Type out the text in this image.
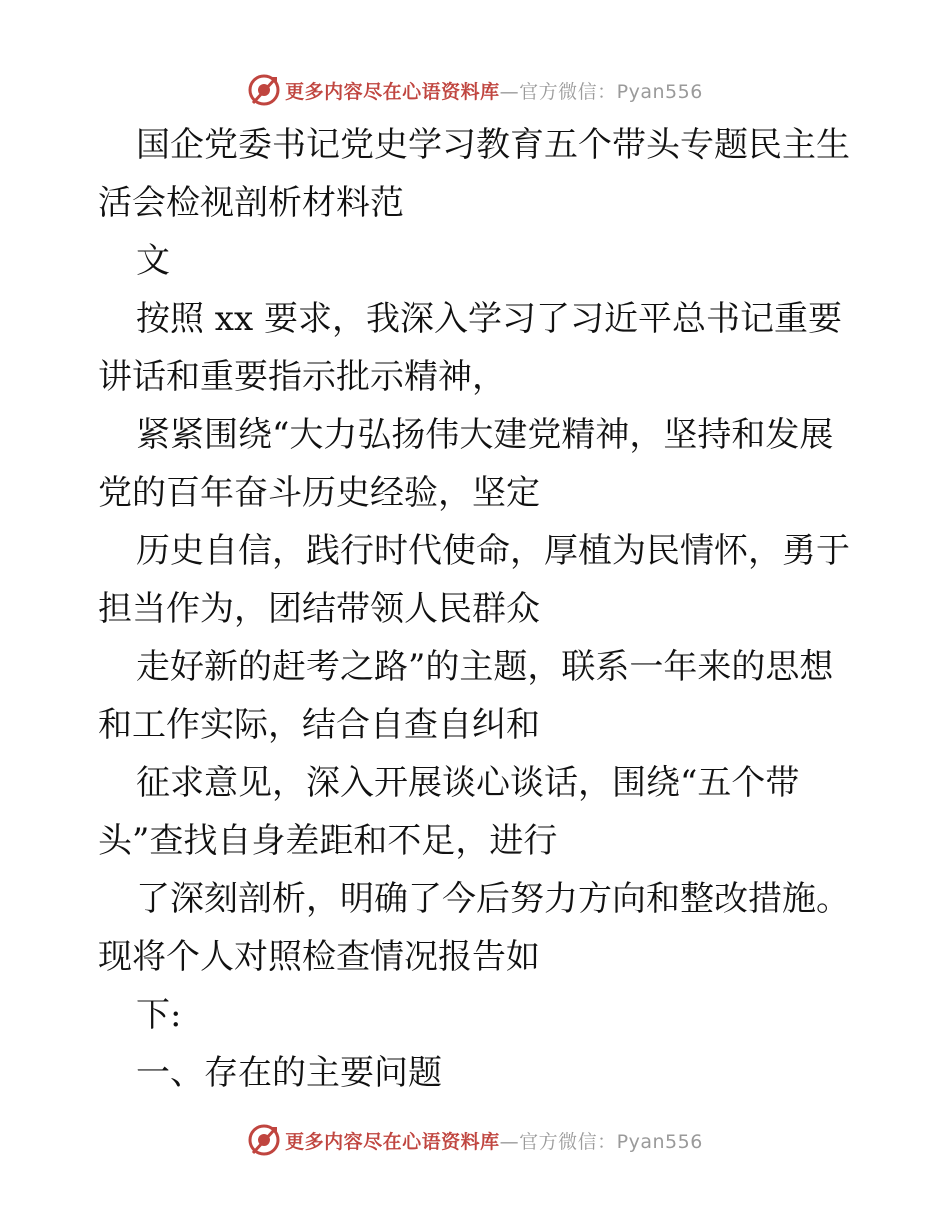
更多内容尽在心语资料库—官方微信：Pyan556
国企党委书记党史学习教育五个带头专题民主生
活会检视剖析材料范
文
按照 xx 要求，我深入学习了习近平总书记重要
讲话和重要指示批示精神，
紧紧围绕“大力弘扬伟大建党精神，坚持和发展
党的百年奋斗历史经验，坚定
历史自信，践行时代使命，厚植为民情怀，勇于
担当作为，团结带领人民群众
走好新的赶考之路”的主题，联系一年来的思想
和工作实际，结合自查自纠和
征求意见，深入开展谈心谈话，围绕“五个带
头”查找自身差距和不足，进行
了深刻剖析，明确了今后努力方向和整改措施。
现将个人对照检查情况报告如
下:
一、存在的主要问题
更多内容尽在心语资料库—官方微信：Pyan556
